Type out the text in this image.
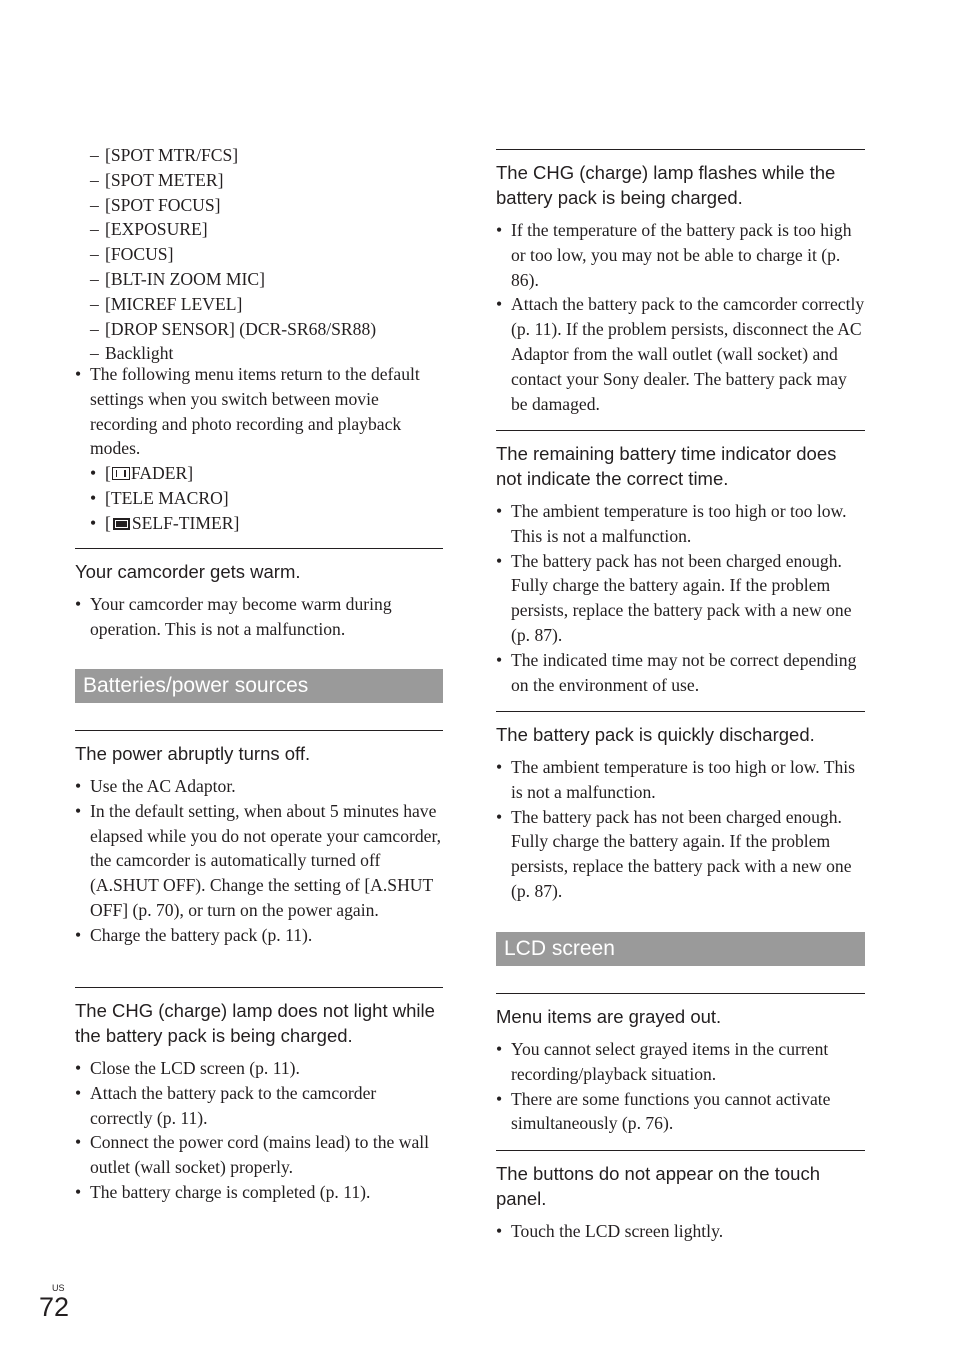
– [SPOT MTR/FCS]
– [SPOT METER]
– [SPOT FOCUS]
– [EXPOSURE]
– [FOCUS]
– [BLT-IN ZOOM MIC]
– [MICREF LEVEL]
– [DROP SENSOR] (DCR-SR68/SR88)
– Backlight
• The following menu items return to the default settings when you switch between movie recording and photo recording and playback modes.
• [ FADER]
• [TELE MACRO]
• [ SELF-TIMER]
Your camcorder gets warm.
• Your camcorder may become warm during operation. This is not a malfunction.
Batteries/power sources
The power abruptly turns off.
• Use the AC Adaptor.
• In the default setting, when about 5 minutes have elapsed while you do not operate your camcorder, the camcorder is automatically turned off (A.SHUT OFF). Change the setting of [A.SHUT OFF] (p. 70), or turn on the power again.
• Charge the battery pack (p. 11).
The CHG (charge) lamp does not light while the battery pack is being charged.
• Close the LCD screen (p. 11).
• Attach the battery pack to the camcorder correctly (p. 11).
• Connect the power cord (mains lead) to the wall outlet (wall socket) properly.
• The battery charge is completed (p. 11).
The CHG (charge) lamp flashes while the battery pack is being charged.
• If the temperature of the battery pack is too high or too low, you may not be able to charge it (p. 86).
• Attach the battery pack to the camcorder correctly (p. 11). If the problem persists, disconnect the AC Adaptor from the wall outlet (wall socket) and contact your Sony dealer. The battery pack may be damaged.
The remaining battery time indicator does not indicate the correct time.
• The ambient temperature is too high or too low. This is not a malfunction.
• The battery pack has not been charged enough. Fully charge the battery again. If the problem persists, replace the battery pack with a new one (p. 87).
• The indicated time may not be correct depending on the environment of use.
The battery pack is quickly discharged.
• The ambient temperature is too high or low. This is not a malfunction.
• The battery pack has not been charged enough. Fully charge the battery again. If the problem persists, replace the battery pack with a new one (p. 87).
LCD screen
Menu items are grayed out.
• You cannot select grayed items in the current recording/playback situation.
• There are some functions you cannot activate simultaneously (p. 76).
The buttons do not appear on the touch panel.
• Touch the LCD screen lightly.
US
72
